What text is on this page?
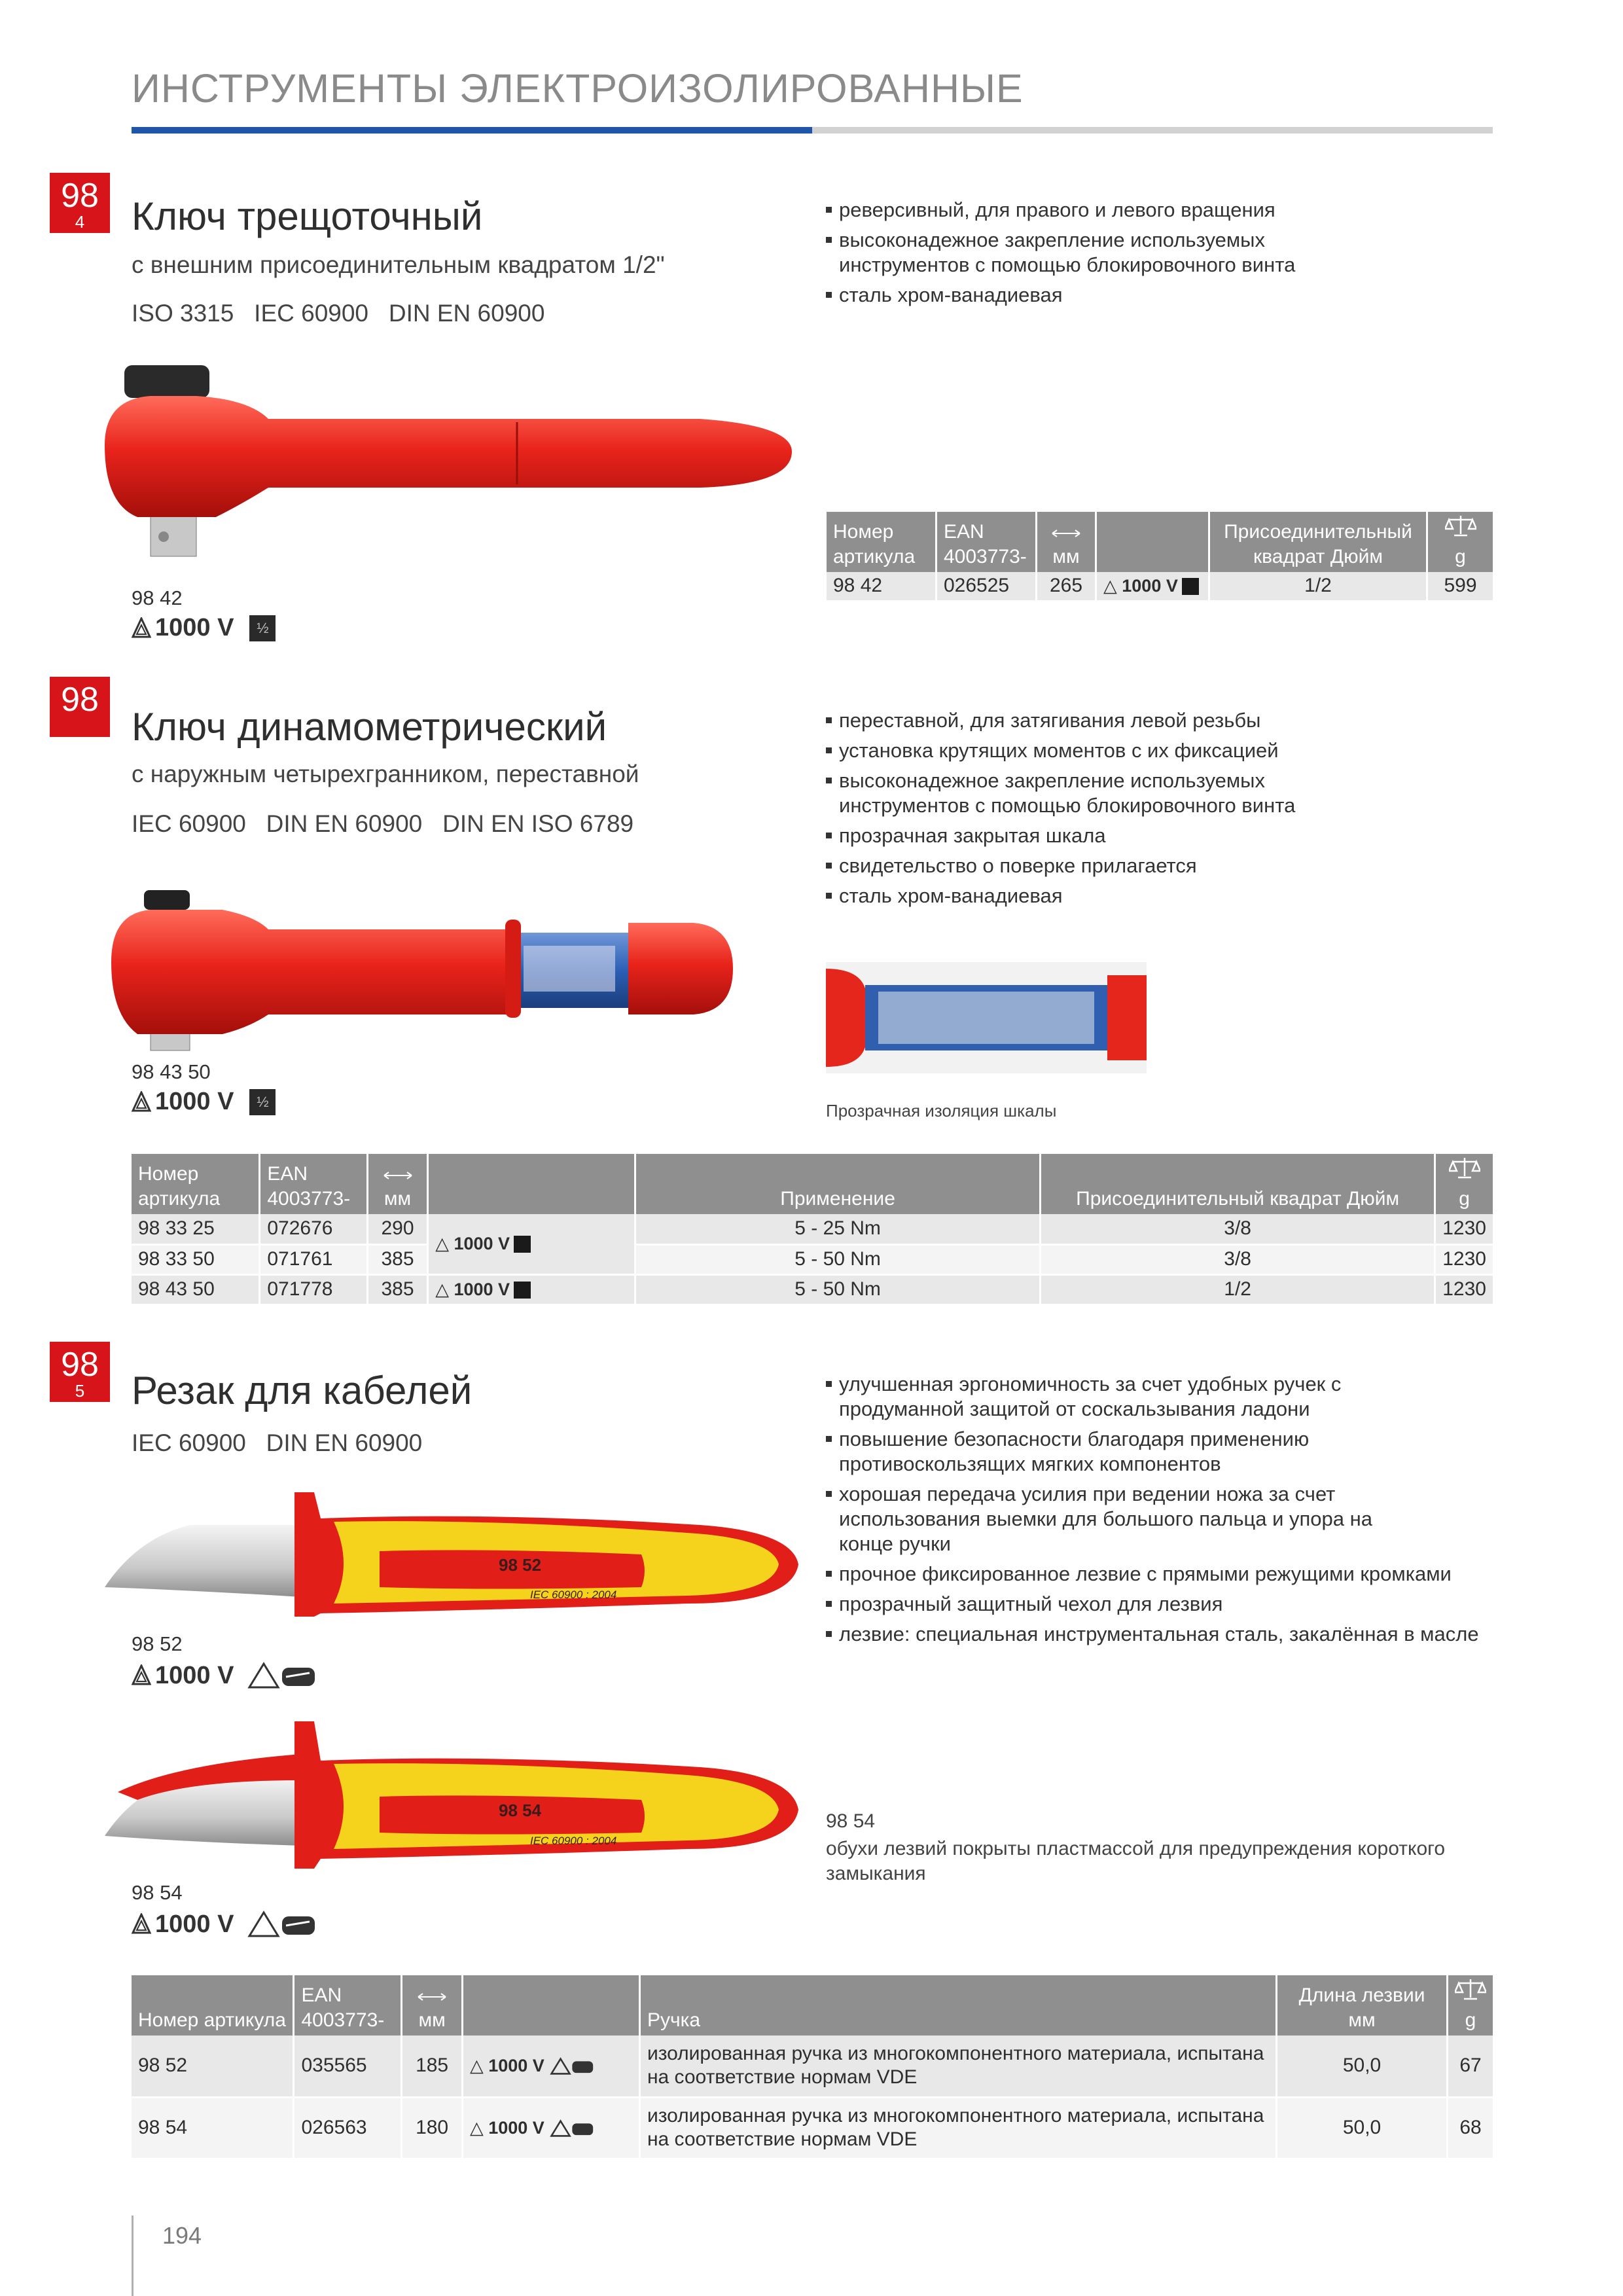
ИНСТРУМЕНТЫ ЭЛЕКТРОИЗОЛИРОВАННЫЕ
98
4	Ключ трещоточный
с внешним присоединительным квадратом 1/2"
ISO 3315   IEC 60900   DIN EN 60900
реверсивный, для правого и левого вращения
высоконадежное закрепление используемых инструментов с помощью блокировочного винта
сталь хром-ванадиевая
98 42
1000 V	½
Номер артикула	EAN 4003773-	мм		Присоединительный квадрат Дюйм	g
98 42	026525	265	△ 1000 V	1/2	599
98
Ключ динамометрический
с наружным четырехгранником, переставной
IEC 60900   DIN EN 60900   DIN EN ISO 6789
переставной, для затягивания левой резьбы
установка крутящих моментов с их фиксацией
высоконадежное закрепление используемых инструментов с помощью блокировочного винта
прозрачная закрытая шкала
свидетельство о поверке прилагается
сталь хром-ванадиевая
Прозрачная изоляция шкалы
98 43 50
1000 V	½
Номер артикула	EAN 4003773-	мм		Применение	Присоединительный квадрат Дюйм	g
98 33 25	072676	290	△ 1000 V	5 - 25 Nm	3/8	1230
98 33 50	071761	385		5 - 50 Nm	3/8	1230
98 43 50	071778	385	△ 1000 V	5 - 50 Nm	1/2	1230
98
5	Резак для кабелей
IEC 60900   DIN EN 60900
улучшенная эргономичность за счет удобных ручек с продуманной защитой от соскальзывания ладони
повышение безопасности благодаря применению противоскользящих мягких компонентов
хорошая передача усилия при ведении ножа за счет использования выемки для большого пальца и упора на конце ручки
прочное фиксированное лезвие с прямыми режущими кромками
прозрачный защитный чехол для лезвия
лезвие: специальная инструментальная сталь, закалённая в масле
98 52
IEC 60900 : 2004
98 52
1000 V
98 54
IEC 60900 : 2004
98 54
1000 V
98 54
обухи лезвий покрыты пластмассой для предупреждения короткого замыкания
Номер артикула	EAN 4003773-	мм		Ручка	Длина лезвии мм	g
98 52	035565	185	△ 1000 V	изолированная ручка из многокомпонентного материала, испытана на соответствие нормам VDE	50,0	67
98 54	026563	180	△ 1000 V	изолированная ручка из многокомпонентного материала, испытана на соответствие нормам VDE	50,0	68
194
